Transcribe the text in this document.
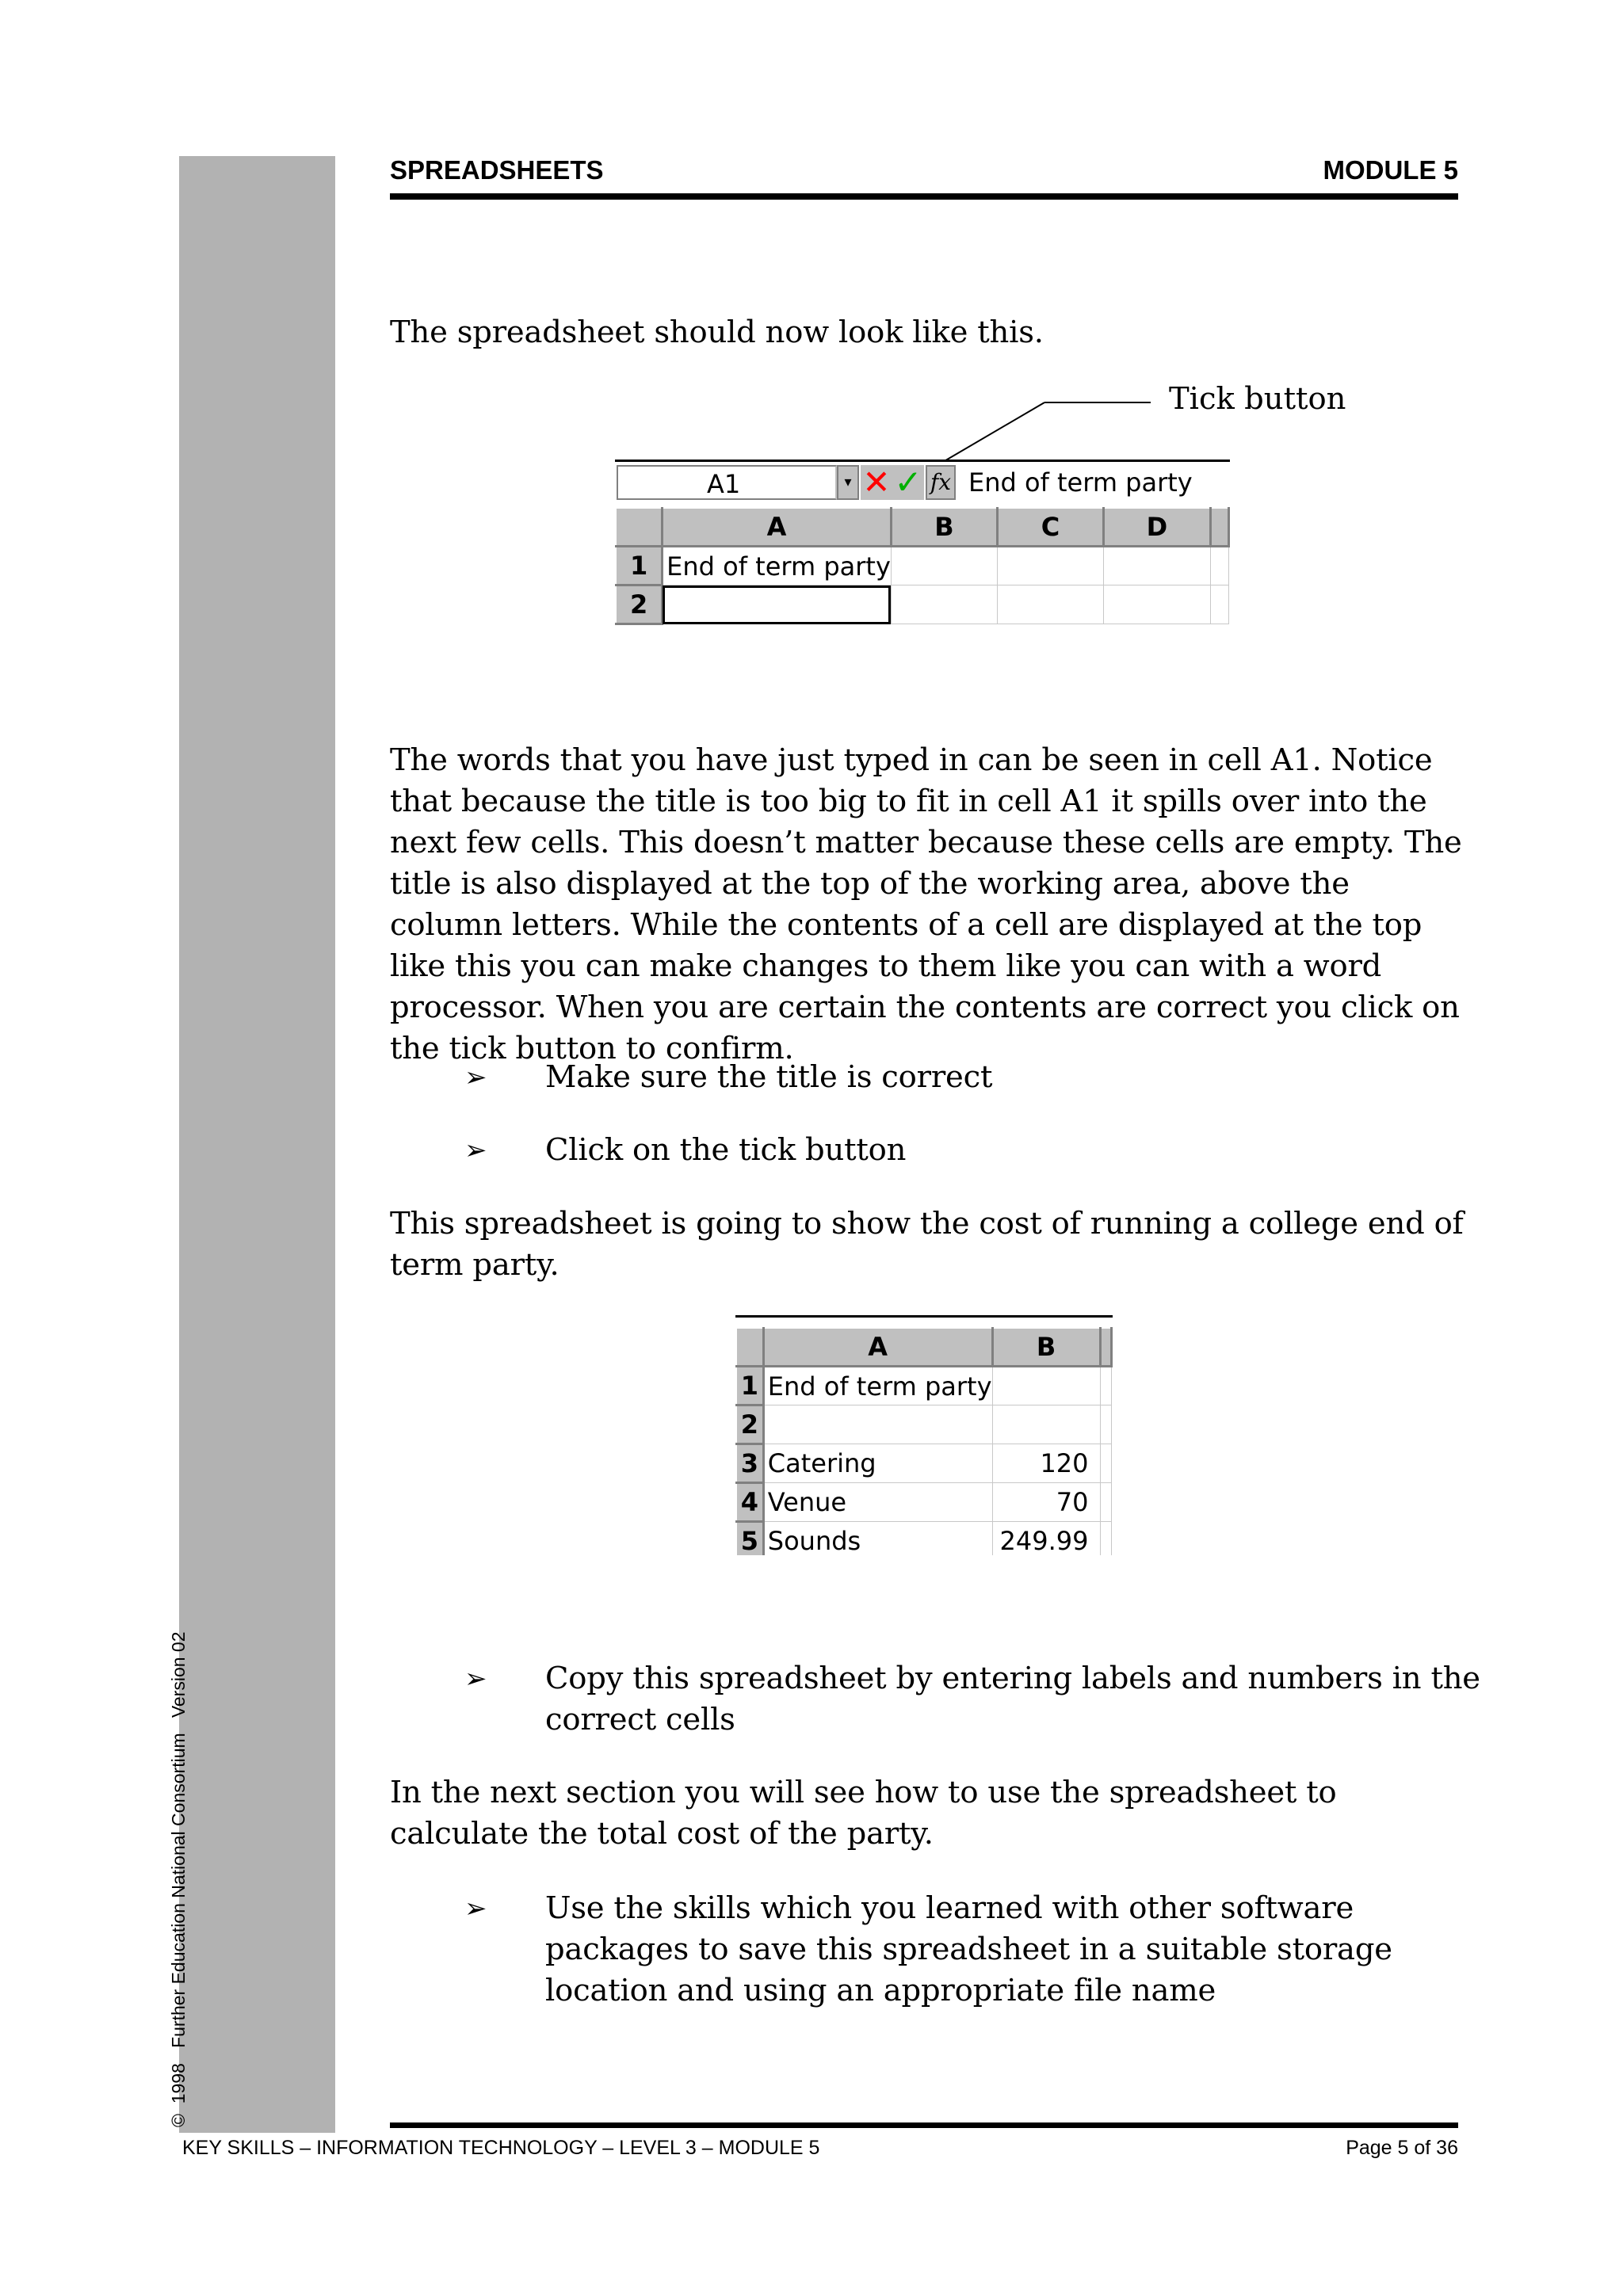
©  1998   Further Education National Consortium   Version 02
SPREADSHEETS	MODULE 5

The spreadsheet should now look like this.

Tick button
A1	▾ ✕ ✓ fx End of term party
	A	B	C	D	
1	End of term party				
2					

The words that you have just typed in can be seen in cell A1. Notice that because the title is too big to fit in cell A1 it spills over into the next few cells. This doesn’t matter because these cells are empty. The title is also displayed at the top of the working area, above the column letters. While the contents of a cell are displayed at the top like this you can make changes to them like you can with a word processor. When you are certain the contents are correct you click on the tick button to confirm.

➢ Make sure the title is correct
➢ Click on the tick button

This spreadsheet is going to show the cost of running a college end of term party.

	A	B	
1	End of term party		
2			
3	Catering	120	
4	Venue	70	
5	Sounds	249.99	
➢ Copy this spreadsheet by entering labels and numbers in the correct cells

In the next section you will see how to use the spreadsheet to calculate the total cost of the party.

➢ Use the skills which you learned with other software packages to save this spreadsheet in a suitable storage location and using an appropriate file name
KEY SKILLS – INFORMATION TECHNOLOGY – LEVEL 3 – MODULE 5	Page 5 of 36
